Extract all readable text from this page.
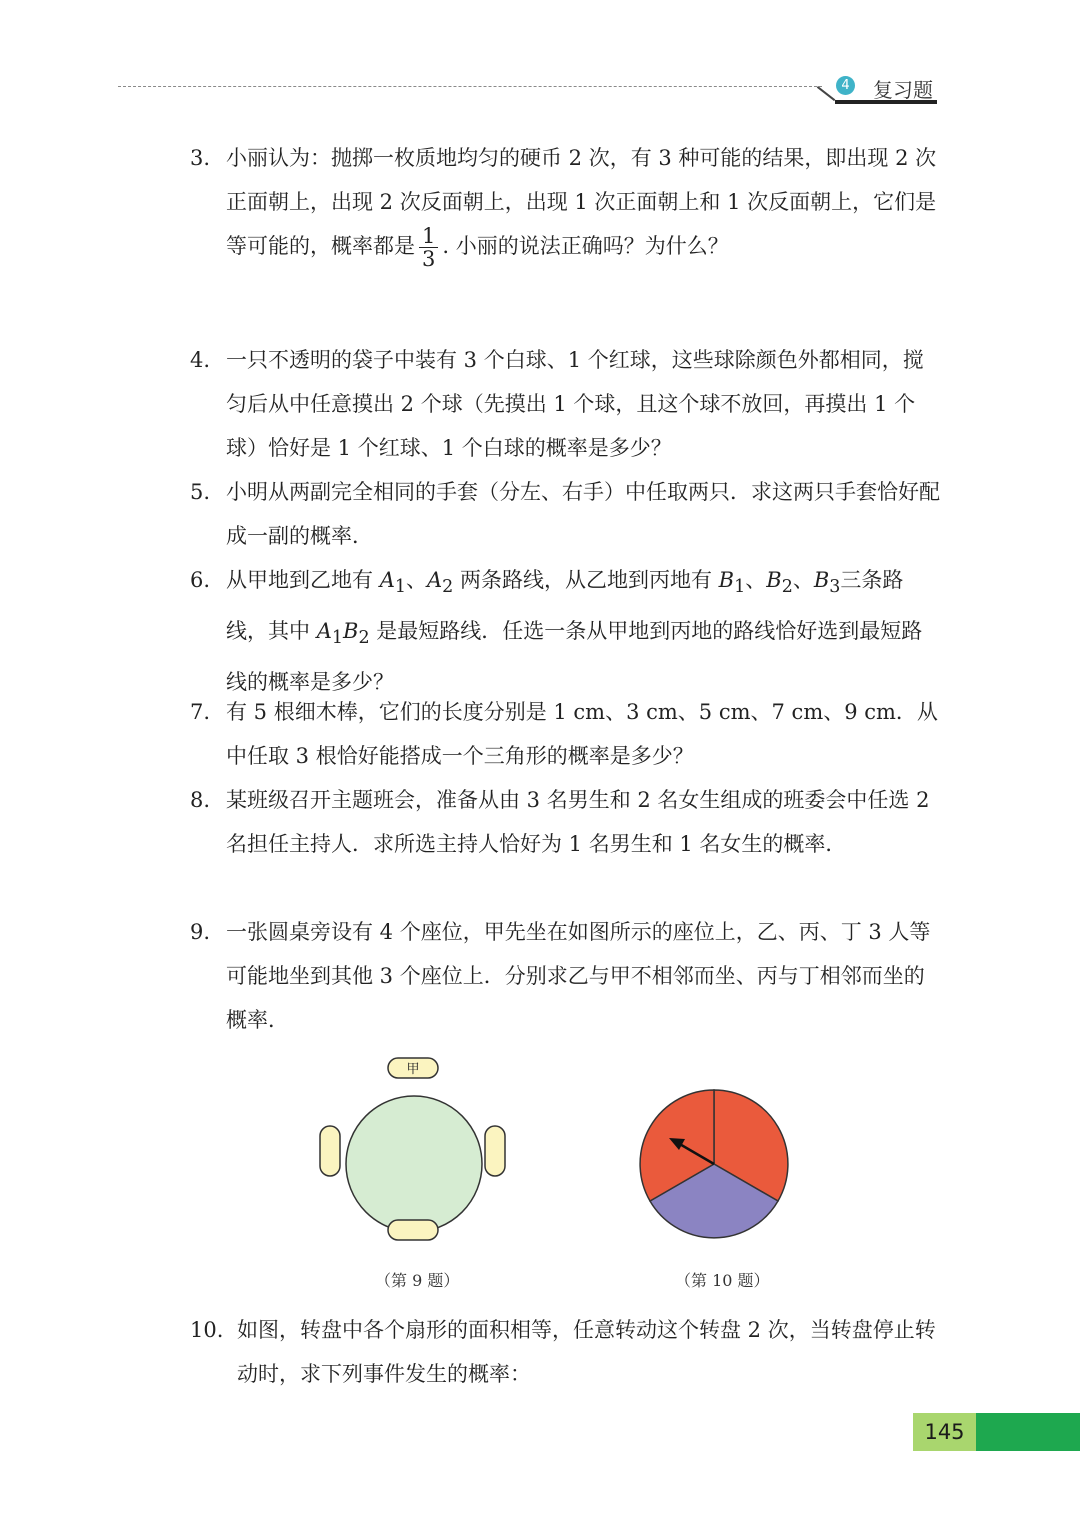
4 复习题
3. 小丽认为：抛掷一枚质地均匀的硬币 2 次，有 3 种可能的结果，即出现 2 次正面朝上，出现 2 次反面朝上，出现 1 次正面朝上和 1 次反面朝上，它们是等可能的，概率都是 $\frac{1}{3}$ . 小丽的说法正确吗？为什么？
4. 一只不透明的袋子中装有 3 个白球、1 个红球，这些球除颜色外都相同，搅匀后从中任意摸出 2 个球（先摸出 1 个球，且这个球不放回，再摸出 1 个球）恰好是 1 个红球、1 个白球的概率是多少？
5. 小明从两副完全相同的手套（分左、右手）中任取两只．求这两只手套恰好配成一副的概率．
6. 从甲地到乙地有 $A_1$、$A_2$ 两条路线，从乙地到丙地有 $B_1$、$B_2$、$B_3$三条路线，其中 $A_1B_2$ 是最短路线．任选一条从甲地到丙地的路线恰好选到最短路线的概率是多少？
7. 有 5 根细木棒，它们的长度分别是 1 cm、3 cm、5 cm、7 cm、9 cm．从中任取 3 根恰好能搭成一个三角形的概率是多少？
8. 某班级召开主题班会，准备从由 3 名男生和 2 名女生组成的班委会中任选 2 名担任主持人．求所选主持人恰好为 1 名男生和 1 名女生的概率．
9. 一张圆桌旁设有 4 个座位，甲先坐在如图所示的座位上，乙、丙、丁 3 人等可能地坐到其他 3 个座位上．分别求乙与甲不相邻而坐、丙与丁相邻而坐的概率．
甲
（第 9 题）	（第 10 题）
10. 如图，转盘中各个扇形的面积相等，任意转动这个转盘 2 次，当转盘停止转动时，求下列事件发生的概率：
145
